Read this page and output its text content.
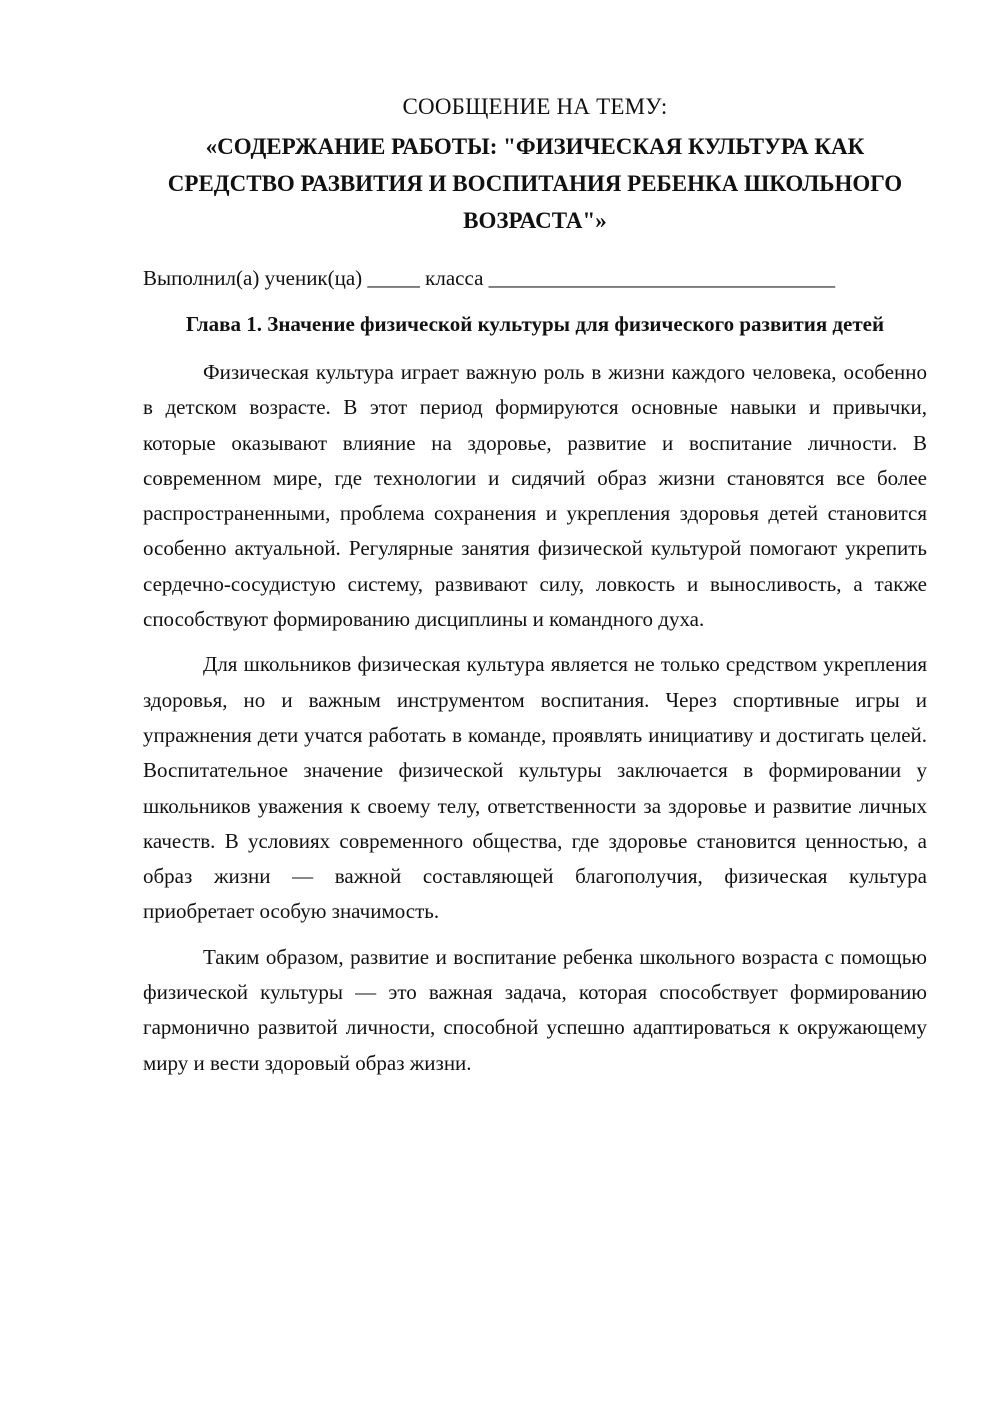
СООБЩЕНИЕ НА ТЕМУ:

«СОДЕРЖАНИЕ РАБОТЫ: "ФИЗИЧЕСКАЯ КУЛЬТУРА КАК СРЕДСТВО РАЗВИТИЯ И ВОСПИТАНИЯ РЕБЕНКА ШКОЛЬНОГО ВОЗРАСТА"»

Выполнил(а) ученик(ца) _____ класса _________________________________

Глава 1. Значение физической культуры для физического развития детей

Физическая культура играет важную роль в жизни каждого человека, особенно в детском возрасте. В этот период формируются основные навыки и привычки, которые оказывают влияние на здоровье, развитие и воспитание личности. В современном мире, где технологии и сидячий образ жизни становятся все более распространенными, проблема сохранения и укрепления здоровья детей становится особенно актуальной. Регулярные занятия физической культурой помогают укрепить сердечно-сосудистую систему, развивают силу, ловкость и выносливость, а также способствуют формированию дисциплины и командного духа.

Для школьников физическая культура является не только средством укрепления здоровья, но и важным инструментом воспитания. Через спортивные игры и упражнения дети учатся работать в команде, проявлять инициативу и достигать целей. Воспитательное значение физической культуры заключается в формировании у школьников уважения к своему телу, ответственности за здоровье и развитие личных качеств. В условиях современного общества, где здоровье становится ценностью, а образ жизни — важной составляющей благополучия, физическая культура приобретает особую значимость.

Таким образом, развитие и воспитание ребенка школьного возраста с помощью физической культуры — это важная задача, которая способствует формированию гармонично развитой личности, способной успешно адаптироваться к окружающему миру и вести здоровый образ жизни.
